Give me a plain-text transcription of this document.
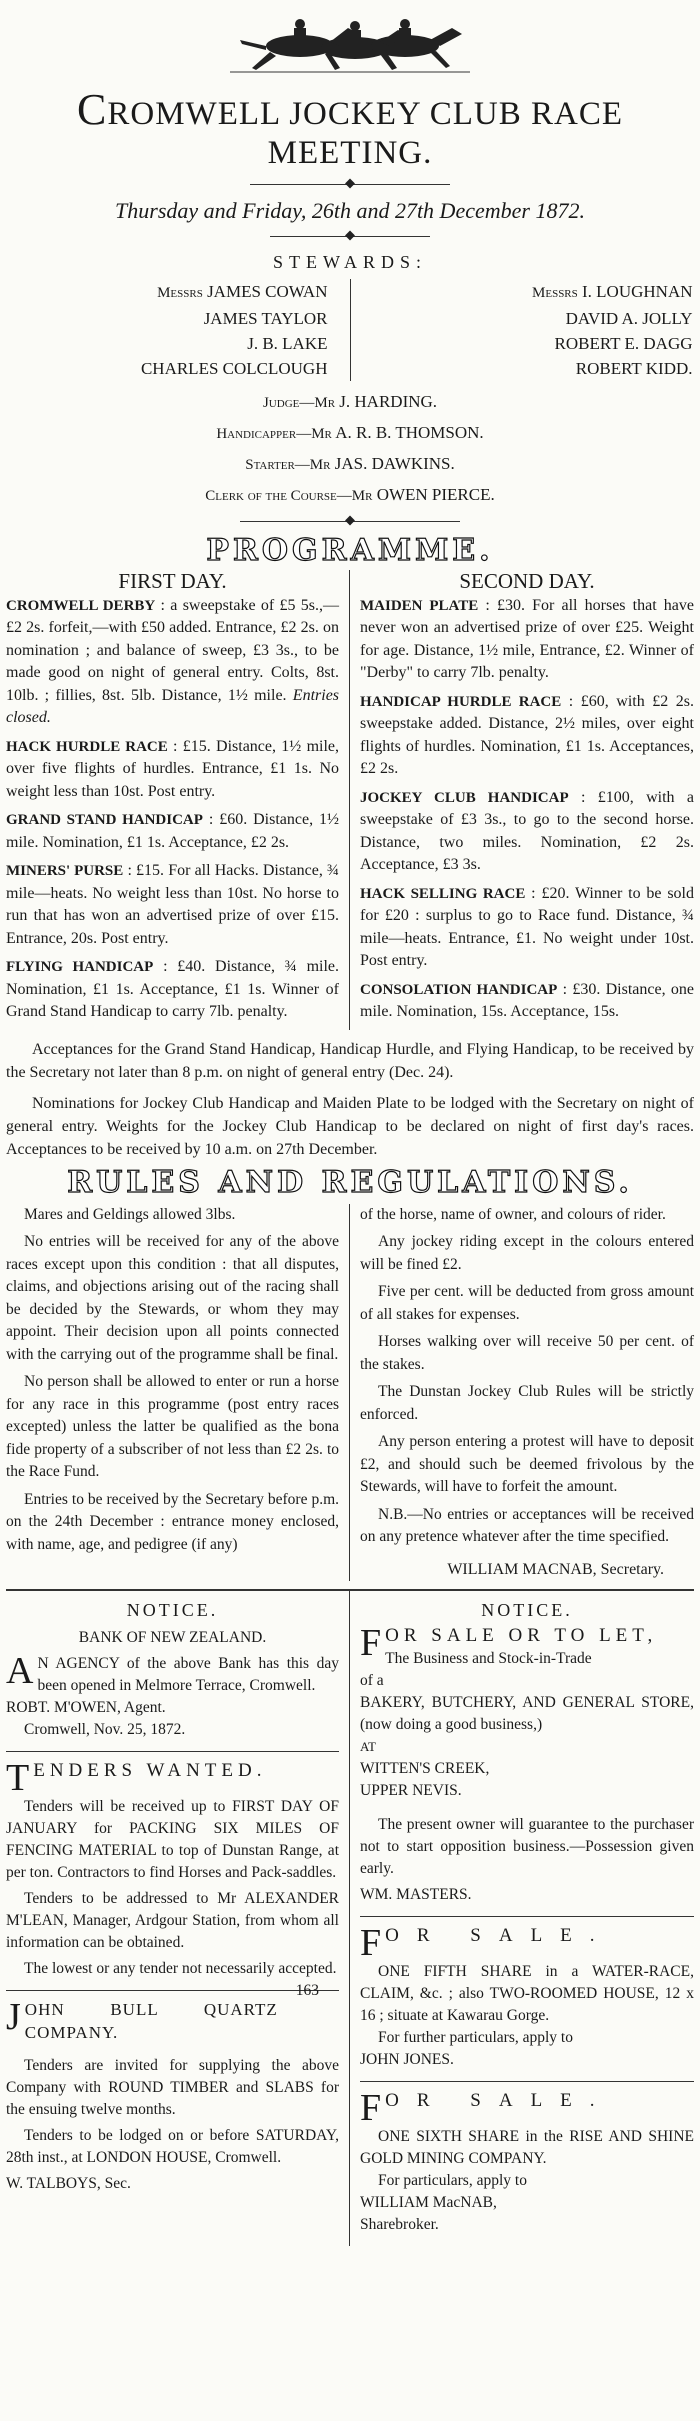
CROMWELL JOCKEY CLUB RACE MEETING.
Thursday and Friday, 26th and 27th December 1872.
STEWARDS:
Messrs JAMES COWAN
JAMES TAYLOR
J. B. LAKE
CHARLES COLCLOUGH
Messrs I. LOUGHNAN
DAVID A. JOLLY
ROBERT E. DAGG
ROBERT KIDD.
Judge—Mr J. HARDING.
Handicapper—Mr A. R. B. THOMSON.
Starter—Mr JAS. DAWKINS.
Clerk of the Course—Mr OWEN PIERCE.
PROGRAMME.
FIRST DAY.

CROMWELL DERBY : a sweepstake of £5 5s.,—£2 2s. forfeit,—with £50 added. Entrance, £2 2s. on nomination ; and balance of sweep, £3 3s., to be made good on night of general entry. Colts, 8st. 10lb. ; fillies, 8st. 5lb. Distance, 1½ mile. Entries closed.

HACK HURDLE RACE : £15. Distance, 1½ mile, over five flights of hurdles. Entrance, £1 1s. No weight less than 10st. Post entry.

GRAND STAND HANDICAP : £60. Distance, 1½ mile. Nomination, £1 1s. Acceptance, £2 2s.

MINERS' PURSE : £15. For all Hacks. Distance, ¾ mile—heats. No weight less than 10st. No horse to run that has won an advertised prize of over £15. Entrance, 20s. Post entry.

FLYING HANDICAP : £40. Distance, ¾ mile. Nomination, £1 1s. Acceptance, £1 1s. Winner of Grand Stand Handicap to carry 7lb. penalty.

SECOND DAY.

MAIDEN PLATE : £30. For all horses that have never won an advertised prize of over £25. Weight for age. Distance, 1½ mile, Entrance, £2. Winner of "Derby" to carry 7lb. penalty.

HANDICAP HURDLE RACE : £60, with £2 2s. sweepstake added. Distance, 2½ miles, over eight flights of hurdles. Nomination, £1 1s. Acceptances, £2 2s.

JOCKEY CLUB HANDICAP : £100, with a sweepstake of £3 3s., to go to the second horse. Distance, two miles. Nomination, £2 2s. Acceptance, £3 3s.

HACK SELLING RACE : £20. Winner to be sold for £20 : surplus to go to Race fund. Distance, ¾ mile—heats. Entrance, £1. No weight under 10st. Post entry.

CONSOLATION HANDICAP : £30. Distance, one mile. Nomination, 15s. Acceptance, 15s.

Acceptances for the Grand Stand Handicap, Handicap Hurdle, and Flying Handicap, to be received by the Secretary not later than 8 p.m. on night of general entry (Dec. 24).

Nominations for Jockey Club Handicap and Maiden Plate to be lodged with the Secretary on night of general entry. Weights for the Jockey Club Handicap to be declared on night of first day's races. Acceptances to be received by 10 a.m. on 27th December.

RULES AND REGULATIONS.

Mares and Geldings allowed 3lbs.

No entries will be received for any of the above races except upon this condition : that all disputes, claims, and objections arising out of the racing shall be decided by the Stewards, or whom they may appoint. Their decision upon all points connected with the carrying out of the programme shall be final.

No person shall be allowed to enter or run a horse for any race in this programme (post entry races excepted) unless the latter be qualified as the bona fide property of a subscriber of not less than £2 2s. to the Race Fund.

Entries to be received by the Secretary before p.m. on the 24th December : entrance money enclosed, with name, age, and pedigree (if any)

of the horse, name of owner, and colours of rider.

Any jockey riding except in the colours entered will be fined £2.

Five per cent. will be deducted from gross amount of all stakes for expenses.

Horses walking over will receive 50 per cent. of the stakes.

The Dunstan Jockey Club Rules will be strictly enforced.

Any person entering a protest will have to deposit £2, and should such be deemed frivolous by the Stewards, will have to forfeit the amount.

N.B.—No entries or acceptances will be received on any pretence whatever after the time specified.

WILLIAM MACNAB, Secretary.
NOTICE.
BANK OF NEW ZEALAND.

A N AGENCY of the above Bank has this day been opened in Melmore Terrace, Cromwell.

ROBT. M'OWEN, Agent.

Cromwell, Nov. 25, 1872.

TENDERS WANTED.

Tenders will be received up to FIRST DAY OF JANUARY for PACKING SIX MILES OF FENCING MATERIAL to top of Dunstan Range, at per ton. Contractors to find Horses and Pack-saddles.

Tenders to be addressed to Mr ALEXANDER M'LEAN, Manager, Ardgour Station, from whom all information can be obtained.

The lowest or any tender not necessarily accepted.
163

JOHN BULL QUARTZ COMPANY.

Tenders are invited for supplying the above Company with ROUND TIMBER and SLABS for the ensuing twelve months.

Tenders to be lodged on or before SATURDAY, 28th inst., at LONDON HOUSE, Cromwell.

W. TALBOYS, Sec.

NOTICE.

FOR SALE OR TO LET,

The Business and Stock-in-Trade

of a

BAKERY, BUTCHERY, AND GENERAL STORE, (now doing a good business,)

AT

WITTEN'S CREEK,

UPPER NEVIS.

The present owner will guarantee to the purchaser not to start opposition business.—Possession given early.

WM. MASTERS.

FOR SALE.

ONE FIFTH SHARE in a WATER-RACE, CLAIM, &c. ; also TWO-ROOMED HOUSE, 12 x 16 ; situate at Kawarau Gorge.

For further particulars, apply to

JOHN JONES.

FOR SALE.

ONE SIXTH SHARE in the RISE AND SHINE GOLD MINING COMPANY.

For particulars, apply to

WILLIAM MacNAB,

Sharebroker.
